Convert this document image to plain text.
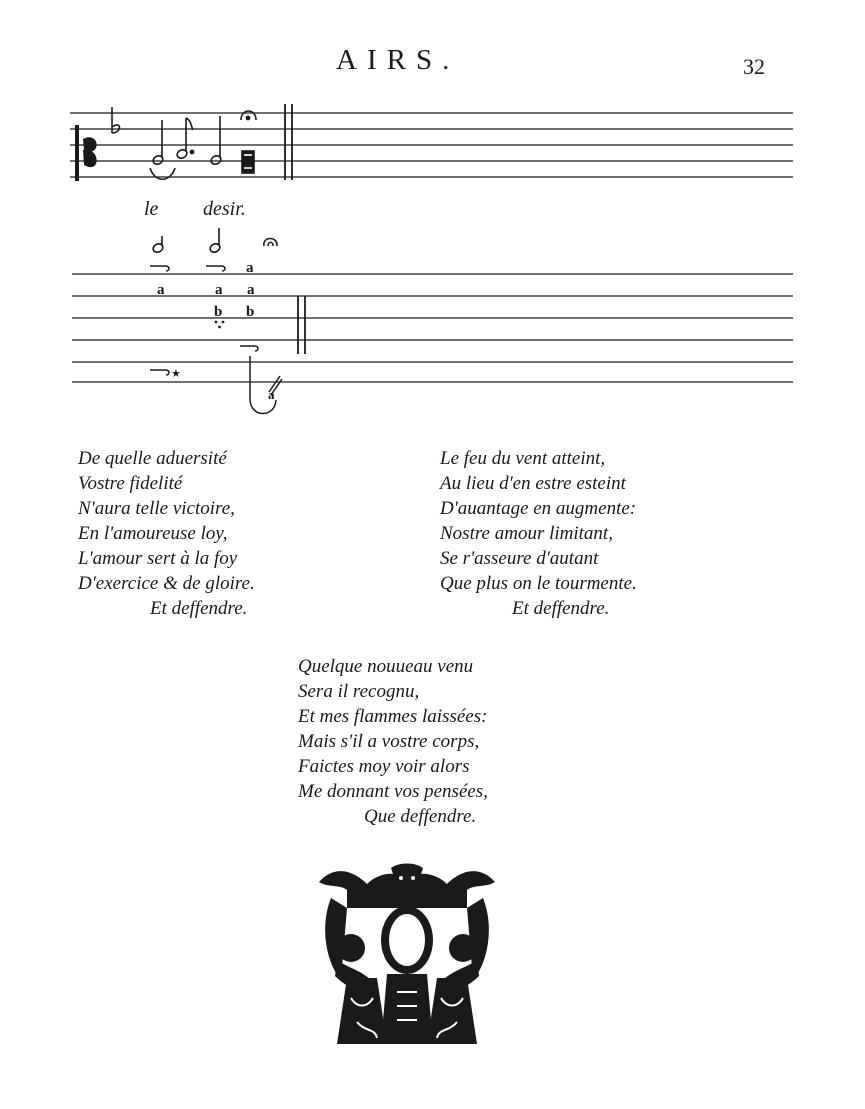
AIRS.	32
★
a
a	a a
b b
a
le desir.
De quelle aduersité
Vostre fidelité
N'aura telle victoire,
En l'amoureuse loy,
L'amour sert à la foy
D'exercice & de gloire.
Et deffendre.
Le feu du vent atteint,
Au lieu d'en estre esteint
D'auantage en augmente:
Nostre amour limitant,
Se r'asseure d'autant
Que plus on le tourmente.
Et deffendre.
Quelque nouueau venu
Sera il recognu,
Et mes flammes laissées:
Mais s'il a vostre corps,
Faictes moy voir alors
Me donnant vos pensées,
Que deffendre.
